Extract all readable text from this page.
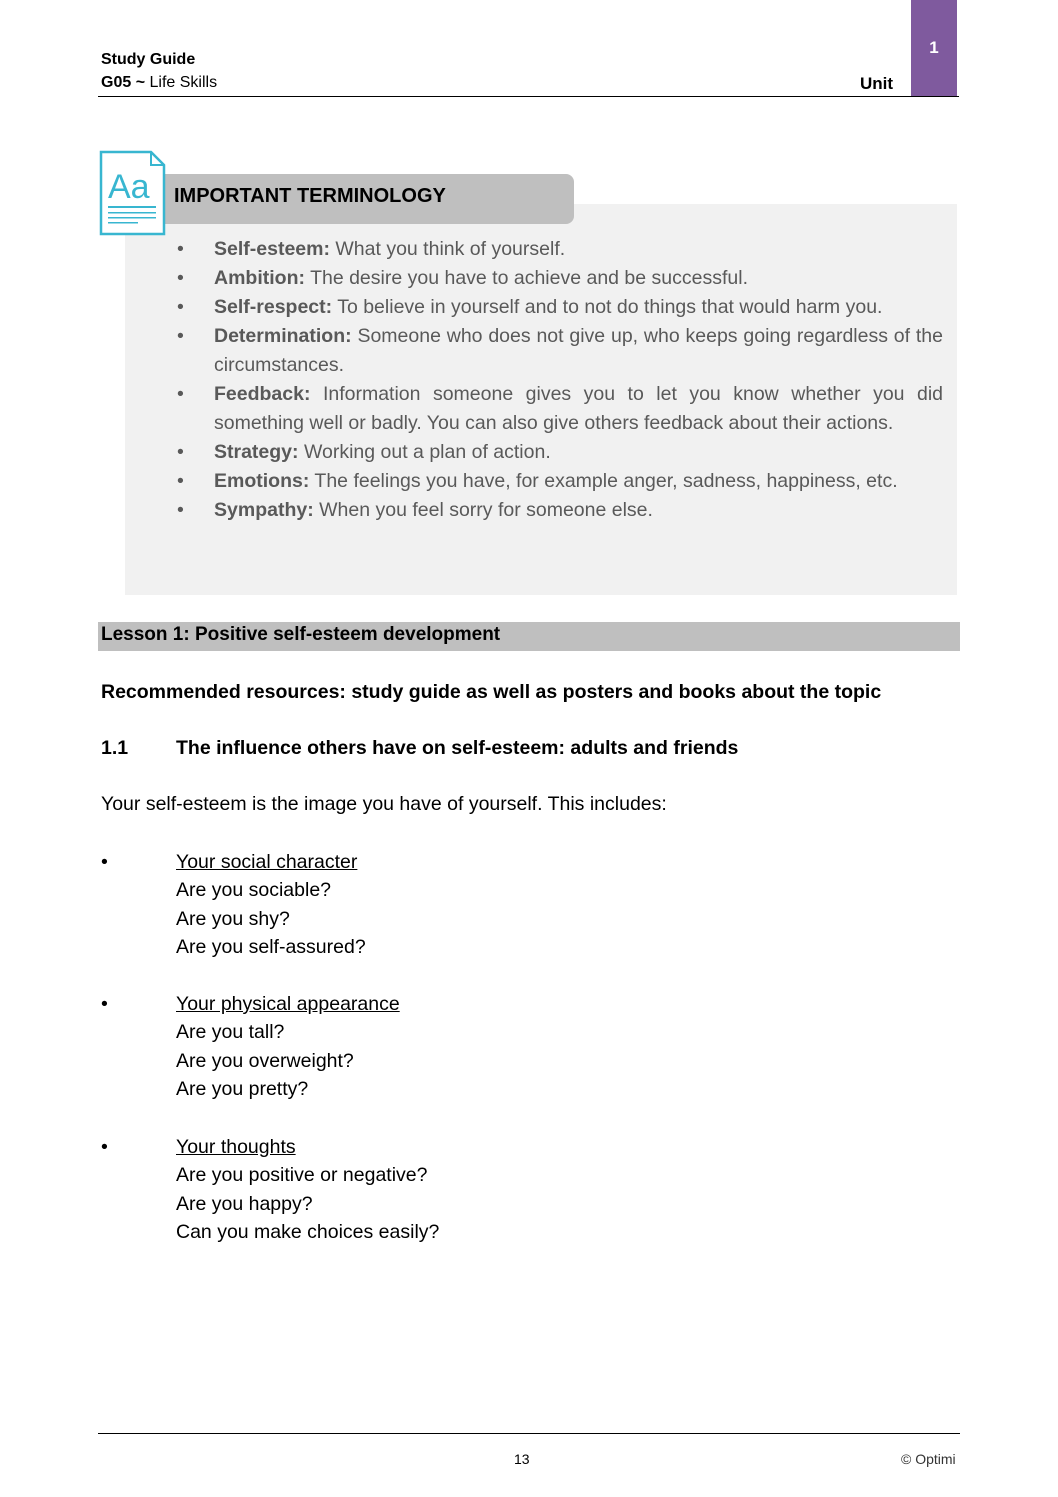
Study Guide
G05 ~ Life Skills	Unit
1
IMPORTANT TERMINOLOGY
Aa
• Self-esteem: What you think of yourself.
• Ambition: The desire you have to achieve and be successful.
• Self-respect: To believe in yourself and to not do things that would harm you.
• Determination: Someone who does not give up, who keeps going regardless of the circumstances.
• Feedback: Information someone gives you to let you know whether you did something well or badly. You can also give others feedback about their actions.
• Strategy: Working out a plan of action.
• Emotions: The feelings you have, for example anger, sadness, happiness, etc.
• Sympathy: When you feel sorry for someone else.
Lesson 1: Positive self-esteem development
Recommended resources: study guide as well as posters and books about the topic
1.1 The influence others have on self-esteem: adults and friends
Your self-esteem is the image you have of yourself. This includes:
•	Your social character
Are you sociable?
Are you shy?
Are you self-assured?
•	Your physical appearance
Are you tall?
Are you overweight?
Are you pretty?
•	Your thoughts
Are you positive or negative?
Are you happy?
Can you make choices easily?
13	© Optimi
